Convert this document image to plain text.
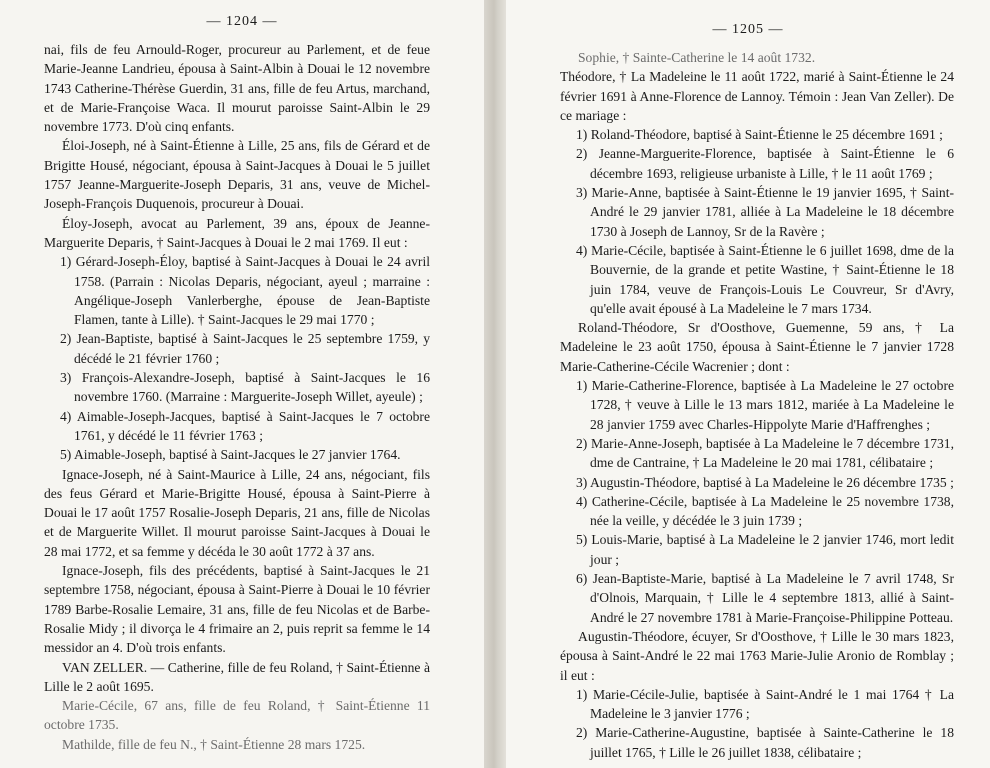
— 1204 —
— 1205 —

nai, fils de feu Arnould-Roger, procureur au Parlement, et de feue Marie-Jeanne Landrieu, épousa à Saint-Albin à Douai le 12 novembre 1743 Catherine-Thérèse Guerdin, 31 ans, fille de feu Artus, marchand, et de Marie-Françoise Waca. Il mourut paroisse Saint-Albin le 29 novembre 1773. D'où cinq enfants.

Éloi-Joseph, né à Saint-Étienne à Lille, 25 ans, fils de Gérard et de Brigitte Housé, négociant, épousa à Saint-Jacques à Douai le 5 juillet 1757 Jeanne-Marguerite-Joseph Deparis, 31 ans, veuve de Michel-Joseph-François Duquenois, procureur à Douai.

Éloy-Joseph, avocat au Parlement, 39 ans, époux de Jeanne-Marguerite Deparis, † Saint-Jacques à Douai le 2 mai 1769. Il eut :

1) Gérard-Joseph-Éloy, baptisé à Saint-Jacques à Douai le 24 avril 1758. (Parrain : Nicolas Deparis, négociant, ayeul ; marraine : Angélique-Joseph Vanlerberghe, épouse de Jean-Baptiste Flamen, tante à Lille). † Saint-Jacques le 29 mai 1770 ;

2) Jean-Baptiste, baptisé à Saint-Jacques le 25 septembre 1759, y décédé le 21 février 1760 ;

3) François-Alexandre-Joseph, baptisé à Saint-Jacques le 16 novembre 1760. (Marraine : Marguerite-Joseph Willet, ayeule) ;

4) Aimable-Joseph-Jacques, baptisé à Saint-Jacques le 7 octobre 1761, y décédé le 11 février 1763 ;

5) Aimable-Joseph, baptisé à Saint-Jacques le 27 janvier 1764.

Ignace-Joseph, né à Saint-Maurice à Lille, 24 ans, négociant, fils des feus Gérard et Marie-Brigitte Housé, épousa à Saint-Pierre à Douai le 17 août 1757 Rosalie-Joseph Deparis, 21 ans, fille de Nicolas et de Marguerite Willet. Il mourut paroisse Saint-Jacques à Douai le 28 mai 1772, et sa femme y décéda le 30 août 1772 à 37 ans.

Ignace-Joseph, fils des précédents, baptisé à Saint-Jacques le 21 septembre 1758, négociant, épousa à Saint-Pierre à Douai le 10 février 1789 Barbe-Rosalie Lemaire, 31 ans, fille de feu Nicolas et de Barbe-Rosalie Midy ; il divorça le 4 frimaire an 2, puis reprit sa femme le 14 messidor an 4. D'où trois enfants.

VAN ZELLER. — Catherine, fille de feu Roland, † Saint-Étienne à Lille le 2 août 1695.

Marie-Cécile, 67 ans, fille de feu Roland, † Saint-Étienne 11 octobre 1735.

Mathilde, fille de feu N., † Saint-Étienne 28 mars 1725.

Sophie, † Sainte-Catherine le 14 août 1732.

Théodore, † La Madeleine le 11 août 1722, marié à Saint-Étienne le 24 février 1691 à Anne-Florence de Lannoy. Témoin : Jean Van Zeller). De ce mariage :

1) Roland-Théodore, baptisé à Saint-Étienne le 25 décembre 1691 ;

2) Jeanne-Marguerite-Florence, baptisée à Saint-Étienne le 6 décembre 1693, religieuse urbaniste à Lille, † le 11 août 1769 ;

3) Marie-Anne, baptisée à Saint-Étienne le 19 janvier 1695, † Saint-André le 29 janvier 1781, alliée à La Madeleine le 18 décembre 1730 à Joseph de Lannoy, Sr de la Ravère ;

4) Marie-Cécile, baptisée à Saint-Étienne le 6 juillet 1698, dme de la Bouvernie, de la grande et petite Wastine, † Saint-Étienne le 18 juin 1784, veuve de François-Louis Le Couvreur, Sr d'Avry, qu'elle avait épousé à La Madeleine le 7 mars 1734.

Roland-Théodore, Sr d'Oosthove, Guemenne, 59 ans, † La Madeleine le 23 août 1750, épousa à Saint-Étienne le 7 janvier 1728 Marie-Catherine-Cécile Wacrenier ; dont :

1) Marie-Catherine-Florence, baptisée à La Madeleine le 27 octobre 1728, † veuve à Lille le 13 mars 1812, mariée à La Madeleine le 28 janvier 1759 avec Charles-Hippolyte Marie d'Haffrenghes ;

2) Marie-Anne-Joseph, baptisée à La Madeleine le 7 décembre 1731, dme de Cantraine, † La Madeleine le 20 mai 1781, célibataire ;

3) Augustin-Théodore, baptisé à La Madeleine le 26 décembre 1735 ;

4) Catherine-Cécile, baptisée à La Madeleine le 25 novembre 1738, née la veille, y décédée le 3 juin 1739 ;

5) Louis-Marie, baptisé à La Madeleine le 2 janvier 1746, mort ledit jour ;

6) Jean-Baptiste-Marie, baptisé à La Madeleine le 7 avril 1748, Sr d'Olnois, Marquain, † Lille le 4 septembre 1813, allié à Saint-André le 27 novembre 1781 à Marie-Françoise-Philippine Potteau.

Augustin-Théodore, écuyer, Sr d'Oosthove, † Lille le 30 mars 1823, épousa à Saint-André le 22 mai 1763 Marie-Julie Aronio de Romblay ; il eut :

1) Marie-Cécile-Julie, baptisée à Saint-André le 1 mai 1764 † La Madeleine le 3 janvier 1776 ;

2) Marie-Catherine-Augustine, baptisée à Sainte-Catherine le 18 juillet 1765, † Lille le 26 juillet 1838, célibataire ;
